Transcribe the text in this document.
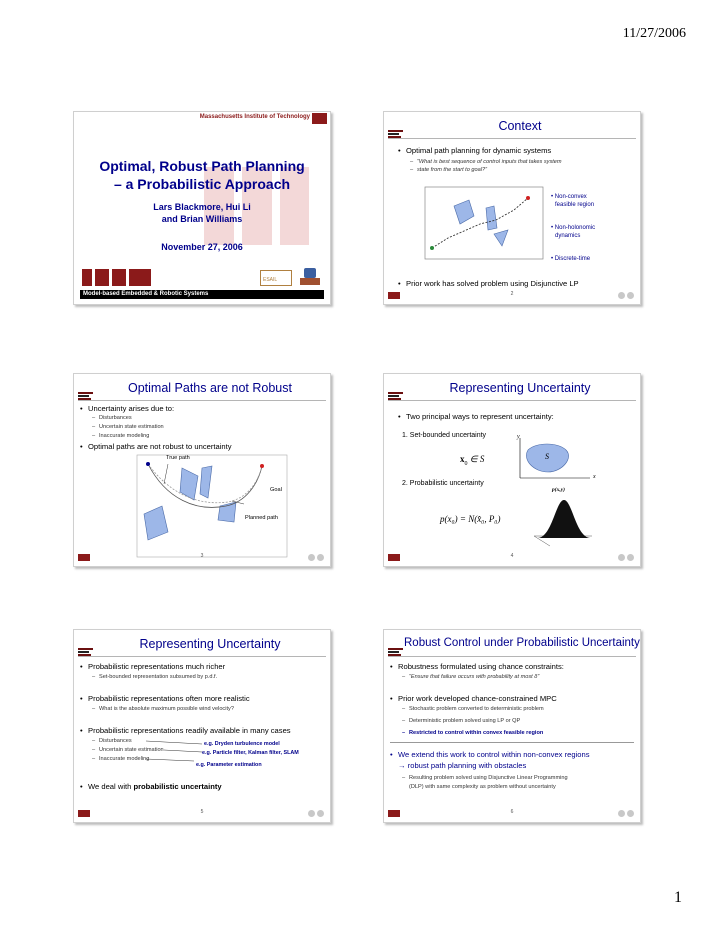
11/27/2006
Massachusetts Institute of Technology
Optimal, Robust Path Planning
– a Probabilistic Approach
Lars Blackmore, Hui Li
and Brian Williams
November 27, 2006
ESAIL
Model-based Embedded & Robotic Systems
Context
• Optimal path planning for dynamic systems
– “What is best sequence of control inputs that takes system
– state from the start to goal?”
• Non-convex
feasible region
• Non-holonomic
dynamics
• Discrete-time
• Prior work has solved problem using Disjunctive LP
2
Optimal Paths are not Robust
• Uncertainty arises due to:
– Disturbances
– Uncertain state estimation
– Inaccurate modeling
• Optimal paths are not robust to uncertainty
True path
Goal
Planned path
3
Representing Uncertainty
• Two principal ways to represent uncertainty:
1. Set-bounded uncertainty
$x_0$ ∈ S	S
y
x
2. Probabilistic uncertainty
p(x,y)
p(x₀) = N(x̂₀, P₀)
4
Representing Uncertainty
• Probabilistic representations much richer
– Set-bounded representation subsumed by p.d.f.
• Probabilistic representations often more realistic
– What is the absolute maximum possible wind velocity?
• Probabilistic representations readily available in many cases
– Disturbances
– Uncertain state estimation
– Inaccurate modeling
e.g. Dryden turbulence model
e.g. Particle filter, Kalman filter, SLAM
e.g. Parameter estimation
• We deal with probabilistic uncertainty
5
Robust Control under Probabilistic Uncertainty
• Robustness formulated using chance constraints:
– “Ensure that failure occurs with probability at most δ”
• Prior work developed chance-constrained MPC
– Stochastic problem converted to deterministic problem
– Deterministic problem solved using LP or QP
– Restricted to control within convex feasible region
• We extend this work to control within non-convex regions
→ robust path planning with obstacles
– Resulting problem solved using Disjunctive Linear Programming
(DLP) with same complexity as problem without uncertainty
6
1
